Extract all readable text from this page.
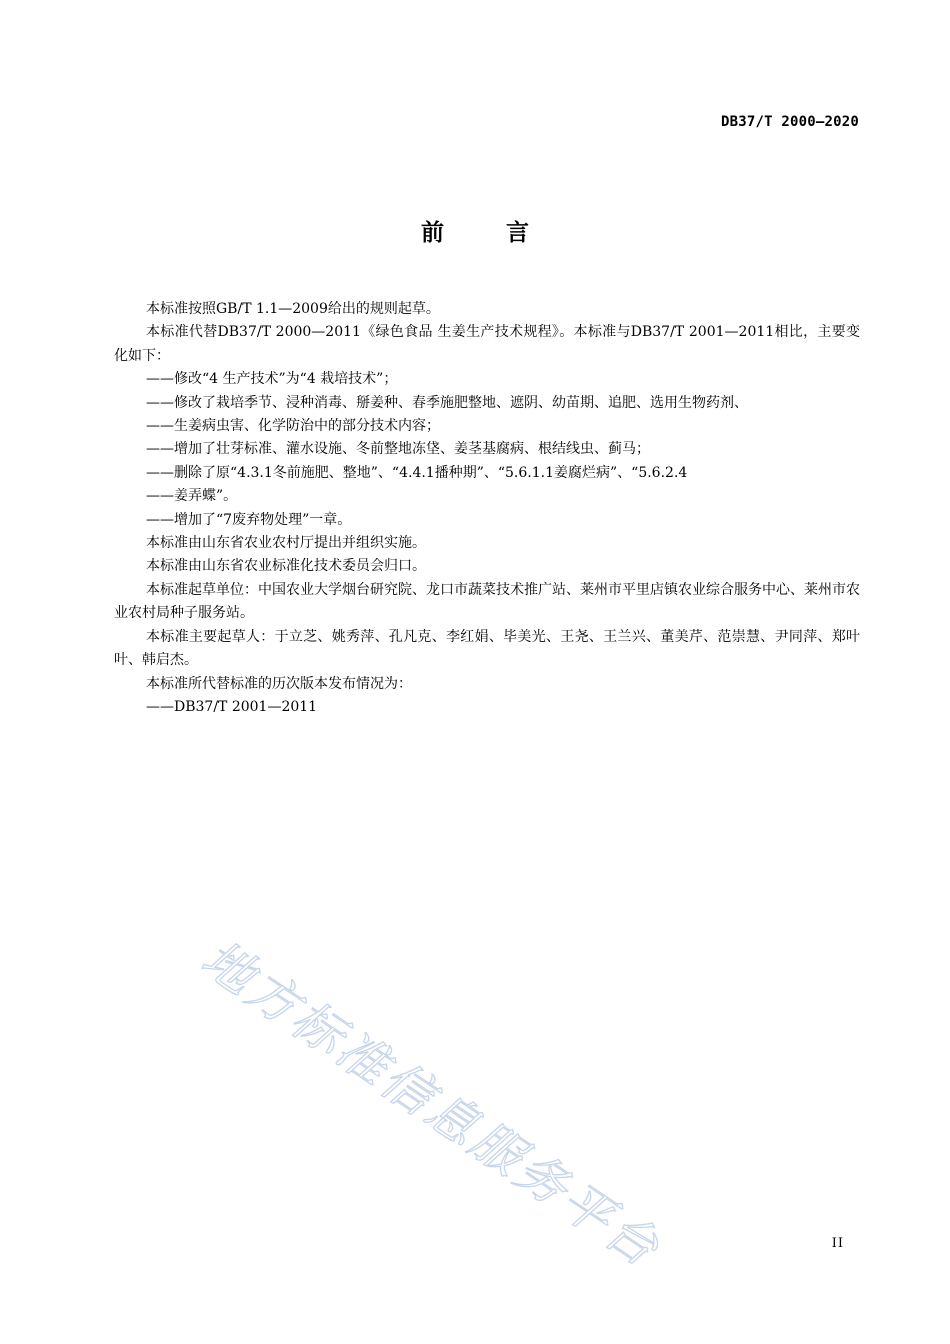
DB37/T 2000—2020
前言

本标准按照GB/T 1.1—2009给出的规则起草。

本标准代替DB37/T 2000—2011《绿色食品 生姜生产技术规程》。本标准与DB37/T 2001—2011相比，主要变化如下：

——修改“4 生产技术”为“4 栽培技术”；

——修改了栽培季节、浸种消毒、掰姜种、春季施肥整地、遮阴、幼苗期、追肥、选用生物药剂、

——生姜病虫害、化学防治中的部分技术内容；

——增加了壮芽标准、灌水设施、冬前整地冻垡、姜茎基腐病、根结线虫、蓟马；

——删除了原“4.3.1冬前施肥、整地”、“4.4.1播种期”、“5.6.1.1姜腐烂病”、“5.6.2.4

——姜弄蝶”。

——增加了“7废弃物处理”一章。

本标准由山东省农业农村厅提出并组织实施。

本标准由山东省农业标准化技术委员会归口。

本标准起草单位：中国农业大学烟台研究院、龙口市蔬菜技术推广站、莱州市平里店镇农业综合服务中心、莱州市农业农村局种子服务站。

本标准主要起草人：于立芝、姚秀萍、孔凡克、李红娟、毕美光、王尧、王兰兴、董美芹、范崇慧、尹同萍、郑叶叶、韩启杰。

本标准所代替标准的历次版本发布情况为：

——DB37/T 2001—2011

地方标准信息服务平台	II
